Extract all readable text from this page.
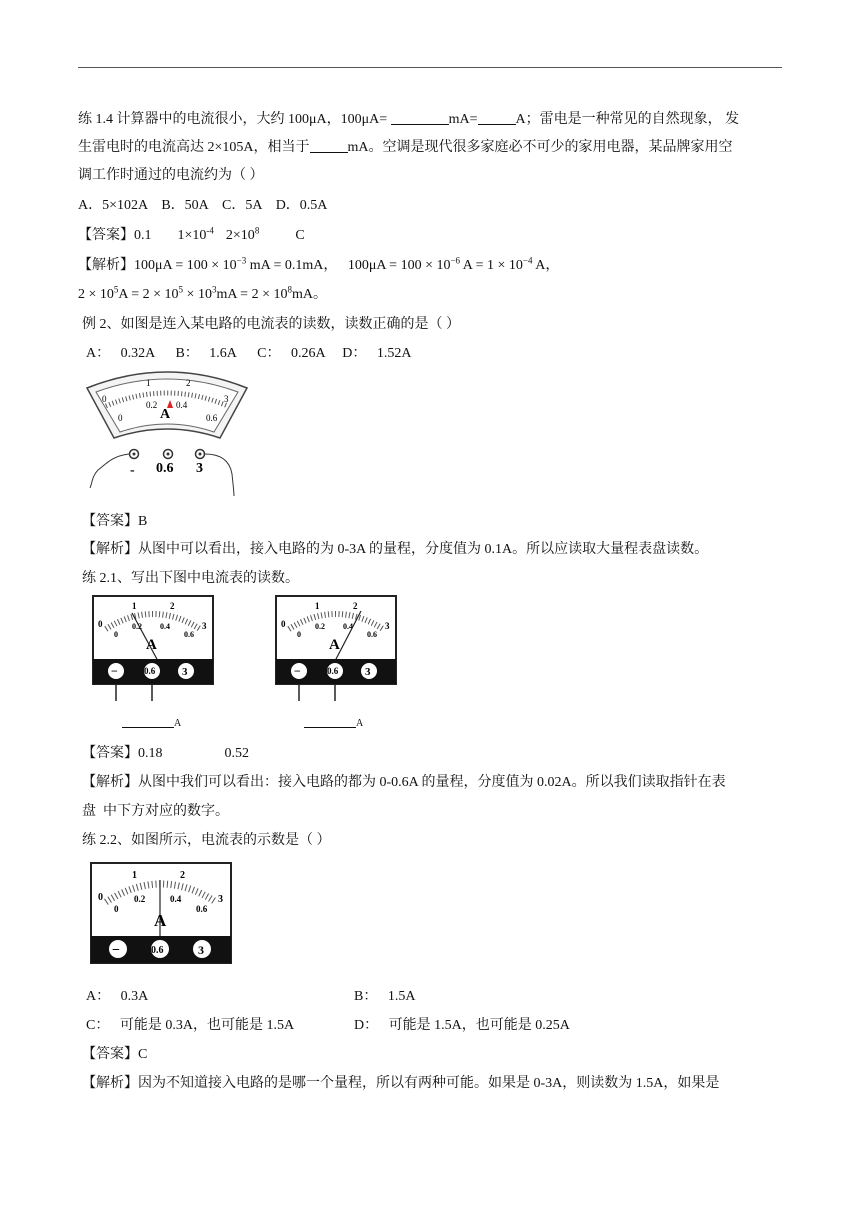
练 1.4 计算器中的电流很小，大约 100μA，100μA=	mA=	A；雷电是一种常见的自然现象， 发
生雷电时的电流高达 2×105A，相当于	mA。空调是现代很多家庭必不可少的家用电器，某品牌家用空
调工作时通过的电流约为（ ）
A．5×102A    B．50A    C．5A    D．0.5A
【答案】0.1 $1\times 10^{-4}$ $2\times 10^8$	C
【解析】$100\mu A = 100 \times 10^{-3}$ mA = 0.1mA，   $100\mu A = 100 \times 10^{-6}$ $A = 1 \times 10^{-4}$ A，
$2 \times 10^5A = 2 \times 10^5 \times 10^3mA = 2 \times 10^8mA$。
例 2、如图是连入某电路的电流表的读数，读数正确的是（ ）
A：   0.32A      B：   1.6A      C：   0.26A     D：   1.52A
0
1	2
3
0
0.2 0.4
0.6
A
- 0.6 3
【答案】B
【解析】从图中可以看出，接入电路的为 0-3A 的量程，分度值为 0.1A。所以应读取大量程表盘读数。
练 2.1、写出下图中电流表的读数。
0
1	2
3
0
0.2 0.4
0.6
A
−	0.6 3
0
1	2
3
0
0.2 0.4
0.6
A
−	0.6 3
A	A
【答案】0.18	0.52
【解析】从图中我们可以看出：接入电路的都为 0-0.6A 的量程，分度值为 0.02A。所以我们读取指针在表
盘  中下方对应的数字。
练 2.2、如图所示，电流表的示数是（ ）
0
1	2
3
0
0.2	0.4
0.6
A
−	0.6	3
A：   0.3A	B：   1.5A
C：   可能是 0.3A，也可能是 1.5A	D：   可能是 1.5A，也可能是 0.25A
【答案】C
【解析】因为不知道接入电路的是哪一个量程，所以有两种可能。如果是 0-3A，则读数为 1.5A，如果是
